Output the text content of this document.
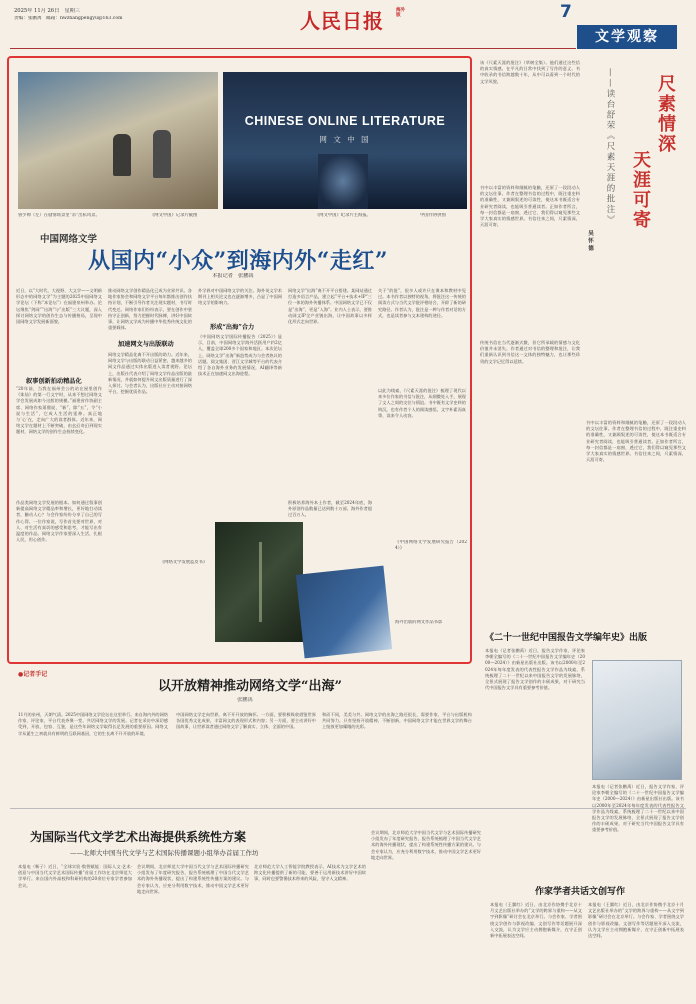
2025年 11月 26日　星期三
责编：张鹏禹　邮箱：hwzhangpengyu@163.com	人民日报	海外版	7
文学观察
CHINESE ONLINE LITERATURE
网 文 中 国
鲁少帅（左）在剧情场景里“杀”出私风景。	《网文中国》记录片截图	《网文中国》纪录片主海报。	中国作协供图
中国网络文学
从国内“小众”到海内外“走红”
本报记者　张鹏禹
近日，以“大时代、大视野、大文学——文明新形态中的网络文学”为主题的2025中国网络文学论坛（下称“本论坛”）在福建泉州举办。论坛聚焦“剑网”“出海”与“出版”三大议题，深入探讨网络文学的创作生态与传播格局，呈现中国网络文学发展新面貌。
叙事创新拍动精品化
“20年前，当我在福州会公的站在屋里创作《诛仙》的第一行文字时，从来不想过网络文学会发展成如今这般的规模。”福建省作协副主席、网络作家萧鼎说，“新”，除“五”，令“小说与生活”，它成人生活的延伸。真正地与‘心’在，走向广大的读者群体。近年来，网络文学在题材上不断突破，由玄幻奇幻到现实题材，网络文学的创作生态持续变化。
作品类网络文学发展的根本。如何通过叙事创新提高网络文学精品率和增长，更好地打动读者，触动人心？与会作家纷纷分享了自己的写作心得。一位作家说，写作首先要对世界、对人、对生活有真切的感受和思考，才能写出有温度的作品。网络文学作家要深入生活，扎根人民，用心创作。
推动网络文学创作精品化已成为业界共识。各地作家协会和网络文学平台每年都推出创作扶持计划，不断引导作者关注现实题材，书写时代变迁。网络作家们纷纷表示，要在创作中坚持守正创新，努力把握时代脉搏，讲好中国故事，让网络文学成为传播中华优秀传统文化的重要载体。
加速网文与出版联动
网络文学精品化离不开出版的助力。近年来，网络文学与出版的联动日益紧密，越来越多的网文作品通过实体出版进入读者视野。论坛上，出版社代表介绍了网络文学作品出版的最新情况，并就如何提升网文出版质量进行了深入探讨。与会者认为，出版社应主动对接网络平台，挖掘优质作品。
外学界对中国网络文学的关注。海外英文学术期刊上相关论文也在逐渐增多，凸显了中国网络文学的影响力。
形成“出海”合力
《中国网络文学国际传播报告（2025）》显示，目前，中国网络文学海外活跃用户约2亿人，覆盖全球200多个国家和地区。本次论坛上，网络文学“出海”新趋势成为与会者热议的话题。阅文集团、晋江文学城等平台的代表介绍了各自海外业务的发展情况，AI翻译等新技术正在加速网文出海进程。
网络文学“出海”离不开平台搭建。某网站通过打造多语言产品，建立起“平台+技术+IP”三位一体的海外传播体系。中国网络文学已不仅是“出海”，更是“入海”。业内人士表示，要推动网文IP全产业链出海，让中国故事以多样化形式走向世界。
积极培养海外本土作者，截至2024年底，海外原创作品数量已达到数十万部，海外作者超过百万人。
关于“的批”，很多人或许只在课本和教材中见过。本书作者以独特的视角，将批注这一传统的阅读方式与当代文学批评相结合，开辟了新的研究路径。作者认为，批注是一种与作者对话的方式，也是读者参与文本建构的途径。
以此为线索，《尺素天涯的批注》梳理了现代以来多位作家的书信与批注，从细微处入手，展现了文人之间的交往与情谊。书中既有文学史料的钩沉，也有作者个人的阅读感悟，文字朴素而真挚，读来令人动容。
《网络文学发展蓝皮书》
《中国网络文学发展研究报告（2024）》
海外出版的网文作品书影
尺素情深
天涯可寄
——读台舒荣《尺素天涯的批注》
吴怀德
该《尺素天涯的批注》（草树全集）。他们通过这些信的真实情感，在平凡的日常中找到了写作的意义。书中收录的书信跨越数十年，从中可以看到一个时代的文学风貌。
书中以丰富的资料和细腻的笔触，还原了一段段动人的文坛往事。作者在整理书信的过程中，既注重史料的准确性，又兼顾叙述的可读性，使这本书既适合专业研究者阅读，也能吸引普通读者。正如作者所言，每一封信都是一扇窗，透过它，我们得以窥见那些文学大家真实的情感世界。书信往来之间，尺素情深，天涯可寄。
传统书信在当代逐渐式微，但它所承载的情感与文化价值并未消失。作者通过对书信的整理和批注，让我们重新认识到书信这一文体的独特魅力，也让那些珍贵的文学记忆得以延续。
书中以丰富的资料和细腻的笔触，还原了一段段动人的文坛往事。作者在整理书信的过程中，既注重史料的准确性，又兼顾叙述的可读性，使这本书既适合专业研究者阅读，也能吸引普通读者。正如作者所言，每一封信都是一扇窗，透过它，我们得以窥见那些文学大家真实的情感世界。书信往来之间，尺素情深，天涯可寄。
●记者手记
以开放精神推动网络文学“出海”
张鹏禹
11月的泉州，天朗气清。2025中国网络文学论坛在这里举行。来自海内外的网络作家、评论家、平台代表齐聚一堂，共话网络文学的发展。记者在采访中深切感受到，开放、包容、互鉴，是这些年网络文学取得长足发展的重要原因。网络文学从诞生之初就具有鲜明的互联网基因，它的生长离不开开放的环境。
中国网络文学走向世界，离不开开放的胸怀。一方面，要积极吸收借鉴世界各国优秀文化成果，丰富网文的表现形式和内容；另一方面，要主动讲好中国故事，让世界读者通过网络文学了解真实、立体、全面的中国。
和而不同，美美与共。网络文学的出海之路还很长，需要作家、平台与出版机构共同努力。只有坚持开放精神，不断创新，中国网络文学才能在世界文学的舞台上绽放更加耀眼的光彩。
《二十一世纪中国报告文学编年史》出版
本报电（记者张鹏禹）近日，报告文学作家、评论家李朝全编写的《二十一世纪中国报告文学编年史（2000—2024）》由新星出版社出版。该书以2000年至2024年每年度发表的代表性报告文学作品为线索，系统梳理了二十一世纪以来中国报告文学的发展脉络，全景式展现了报告文学创作的丰硕成果，对于研究当代中国报告文学具有重要参考价值。
本报电（记者张鹏禹）近日，报告文学作家、评论家李朝全编写的《二十一世纪中国报告文学编年史（2000—2024）》由新星出版社出版。该书以2000年至2024年每年度发表的代表性报告文学作品为线索，系统梳理了二十一世纪以来中国报告文学的发展脉络，全景式展现了报告文学创作的丰硕成果，对于研究当代中国报告文学具有重要参考价值。
为国际当代文学艺术出海提供系统性方案
——北师大中国当代文学与艺术国际传播课题小组举办首届工作坊
本报电（靳子）近日，“全球实验·数智赋能：国际人文·艺术·创意与中国当代文学艺术国际传播”首届工作坊在北京师范大学举行。来自国内外高校和科研机构的20余位专家学者参加会议。
会议期间，北京师范大学中国当代文学与艺术国际传播研究小组发布了年度研究报告，报告系统梳理了中国当代文学艺术的海外传播现状，提出了构建系统性传播方案的建议。与会专家认为，应充分利用数字技术，推动中国文学艺术更好地走向世界。
北京师范大学人工智能学院教授表示，AI技术为文学艺术的跨文化传播提供了新的可能，要善于运用新技术讲好中国故事，同时也要警惕技术带来的风险，坚守人文精神。
会议期间，北京师范大学中国当代文学与艺术国际传播研究小组发布了年度研究报告，报告系统梳理了中国当代文学艺术的海外传播现状，提出了构建系统性传播方案的建议。与会专家认为，应充分利用数字技术，推动中国文学艺术更好地走向世界。
作家学者共话文创写作
本报电（王翼红）近日，由北京作协携手北京十月文艺出版社举办的“文学的跨界与重构——从文字到影像”研讨会在北京举行。与会作家、学者围绕文学创作与影视改编、文创写作等话题展开深入交流，认为文学应主动拥抱新媒介，在守正创新中拓展表达空间。
本报电（王翼红）近日，由北京作协携手北京十月文艺出版社举办的“文学的跨界与重构——从文字到影像”研讨会在北京举行。与会作家、学者围绕文学创作与影视改编、文创写作等话题展开深入交流，认为文学应主动拥抱新媒介，在守正创新中拓展表达空间。
